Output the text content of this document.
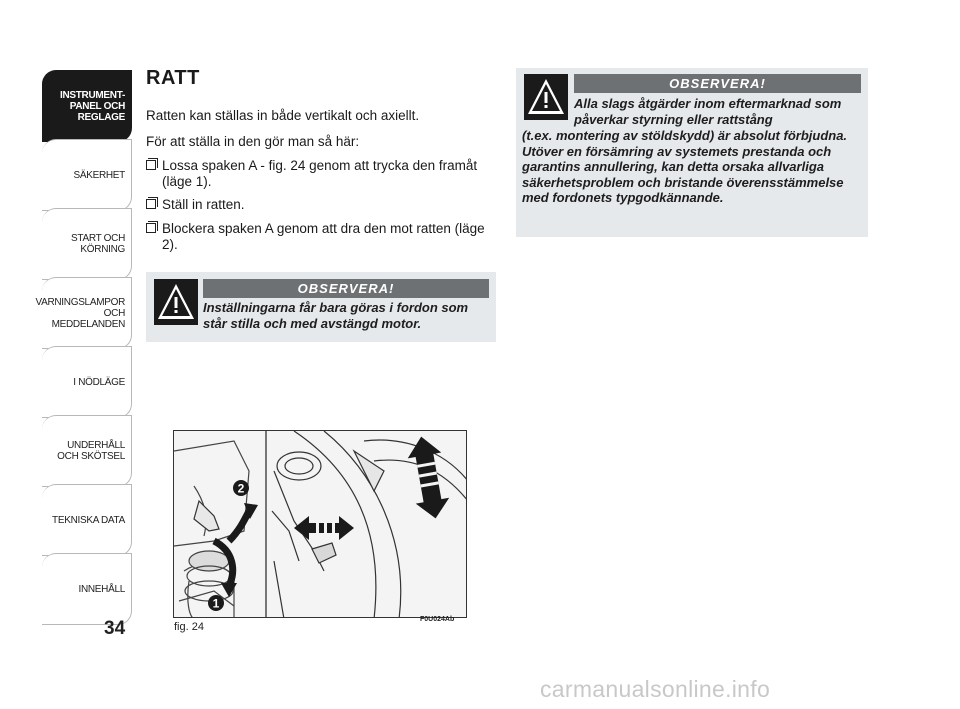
INSTRUMENT-
PANEL OCH
REGLAGE
SÄKERHET
START OCH
KÖRNING
VARNINGSLAMPOR
OCH
MEDDELANDEN
I NÖDLÄGE
UNDERHÅLL
OCH SKÖTSEL
TEKNISKA DATA
INNEHÅLL
34
RATT
Ratten kan ställas in både vertikalt och axiellt.
För att ställa in den gör man så här:
Lossa spaken A - fig. 24 genom att trycka den framåt (läge 1).
Ställ in ratten.
Blockera spaken A genom att dra den mot ratten (läge 2).
OBSERVERA!
Inställningarna får bara göras i fordon som står stilla och med avstängd motor.
OBSERVERA!
Alla slags åtgärder inom eftermarknad som påverkar styrning eller rattstång
(t.ex. montering av stöldskydd) är absolut förbjudna. Utöver en försämring av systemets prestanda och garantins annullering, kan detta orsaka allvarliga säkerhetsproblem och bristande överensstämmelse med fordonets typgodkännande.
2
1
fig. 24
F0U024Ab
carmanualsonline.info
